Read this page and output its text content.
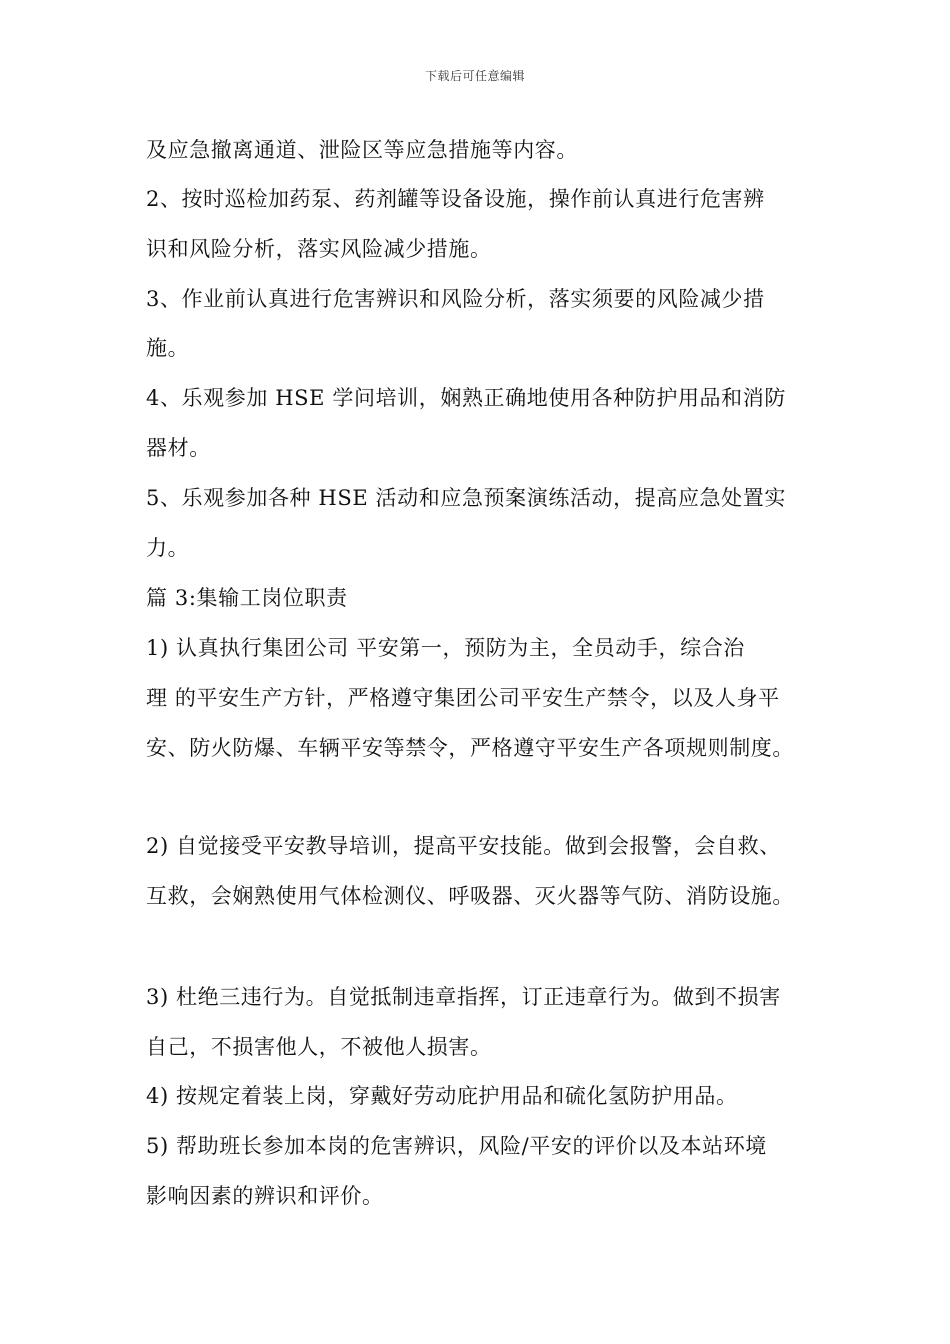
下载后可任意编辑
及应急撤离通道、泄险区等应急措施等内容。
2、按时巡检加药泵、药剂罐等设备设施，操作前认真进行危害辨
识和风险分析，落实风险减少措施。
3、作业前认真进行危害辨识和风险分析，落实须要的风险减少措
施。
4、乐观参加 HSE 学问培训，娴熟正确地使用各种防护用品和消防
器材。
5、乐观参加各种 HSE 活动和应急预案演练活动，提高应急处置实
力。
篇 3:集输工岗位职责
1) 认真执行集团公司 平安第一，预防为主，全员动手，综合治
理 的平安生产方针，严格遵守集团公司平安生产禁令，以及人身平
安、防火防爆、车辆平安等禁令，严格遵守平安生产各项规则制度。
2) 自觉接受平安教导培训，提高平安技能。做到会报警，会自救、
互救，会娴熟使用气体检测仪、呼吸器、灭火器等气防、消防设施。
3) 杜绝三违行为。自觉抵制违章指挥，订正违章行为。做到不损害
自己，不损害他人，不被他人损害。
4) 按规定着装上岗，穿戴好劳动庇护用品和硫化氢防护用品。
5) 帮助班长参加本岗的危害辨识，风险/平安的评价以及本站环境
影响因素的辨识和评价。
